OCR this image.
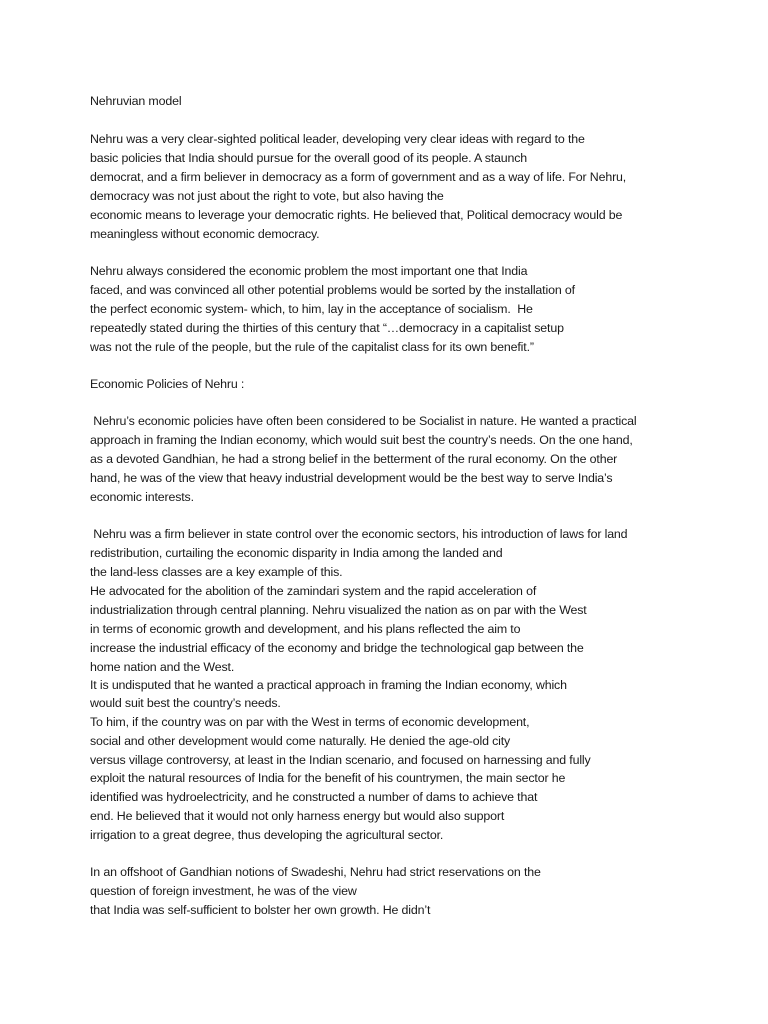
Nehruvian model

Nehru was a very clear-sighted political leader, developing very clear ideas with regard to the

basic policies that India should pursue for the overall good of its people. A staunch

democrat, and a firm believer in democracy as a form of government and as a way of life. For Nehru,

democracy was not just about the right to vote, but also having the

economic means to leverage your democratic rights. He believed that, Political democracy would be

meaningless without economic democracy.

Nehru always considered the economic problem the most important one that India

faced, and was convinced all other potential problems would be sorted by the installation of

the perfect economic system- which, to him, lay in the acceptance of socialism.  He

repeatedly stated during the thirties of this century that “…democracy in a capitalist setup

was not the rule of the people, but the rule of the capitalist class for its own benefit.”

Economic Policies of Nehru :

Nehru’s economic policies have often been considered to be Socialist in nature. He wanted a practical

approach in framing the Indian economy, which would suit best the country’s needs. On the one hand,

as a devoted Gandhian, he had a strong belief in the betterment of the rural economy. On the other

hand, he was of the view that heavy industrial development would be the best way to serve India’s

economic interests.

Nehru was a firm believer in state control over the economic sectors, his introduction of laws for land

redistribution, curtailing the economic disparity in India among the landed and

the land-less classes are a key example of this.

He advocated for the abolition of the zamindari system and the rapid acceleration of

industrialization through central planning. Nehru visualized the nation as on par with the West

in terms of economic growth and development, and his plans reflected the aim to

increase the industrial efficacy of the economy and bridge the technological gap between the

home nation and the West.

It is undisputed that he wanted a practical approach in framing the Indian economy, which

would suit best the country’s needs.

To him, if the country was on par with the West in terms of economic development,

social and other development would come naturally. He denied the age-old city

versus village controversy, at least in the Indian scenario, and focused on harnessing and fully

exploit the natural resources of India for the benefit of his countrymen, the main sector he

identified was hydroelectricity, and he constructed a number of dams to achieve that

end. He believed that it would not only harness energy but would also support

irrigation to a great degree, thus developing the agricultural sector.

In an offshoot of Gandhian notions of Swadeshi, Nehru had strict reservations on the

question of foreign investment, he was of the view

that India was self-sufficient to bolster her own growth. He didn’t
